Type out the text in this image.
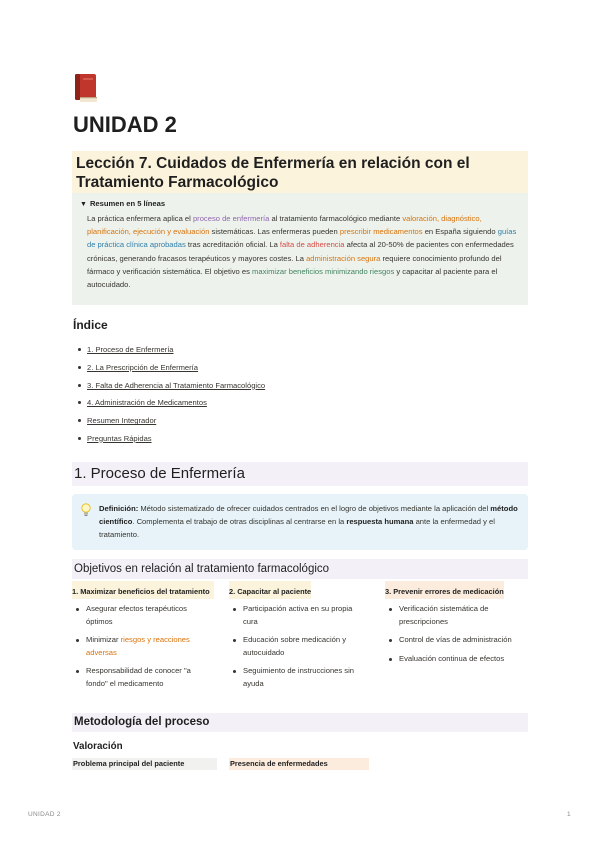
UNIDAD 2
Lección 7. Cuidados de Enfermería en relación con el Tratamiento Farmacológico
▼ Resumen en 5 líneas
La práctica enfermera aplica el proceso de enfermería al tratamiento farmacológico mediante valoración, diagnóstico, planificación, ejecución y evaluación sistemáticas. Las enfermeras pueden prescribir medicamentos en España siguiendo guías de práctica clínica aprobadas tras acreditación oficial. La falta de adherencia afecta al 20-50% de pacientes con enfermedades crónicas, generando fracasos terapéuticos y mayores costes. La administración segura requiere conocimiento profundo del fármaco y verificación sistemática. El objetivo es maximizar beneficios minimizando riesgos y capacitar al paciente para el autocuidado.
Índice
1. Proceso de Enfermería
2. La Prescripción de Enfermería
3. Falta de Adherencia al Tratamiento Farmacológico
4. Administración de Medicamentos
Resumen Integrador
Preguntas Rápidas
1. Proceso de Enfermería
Definición: Método sistematizado de ofrecer cuidados centrados en el logro de objetivos mediante la aplicación del método científico. Complementa el trabajo de otras disciplinas al centrarse en la respuesta humana ante la enfermedad y el tratamiento.
Objetivos en relación al tratamiento farmacológico
1. Maximizar beneficios del tratamiento
Asegurar efectos terapéuticos óptimos
Minimizar riesgos y reacciones adversas
Responsabilidad de conocer "a fondo" el medicamento
2. Capacitar al paciente
Participación activa en su propia cura
Educación sobre medicación y autocuidado
Seguimiento de instrucciones sin ayuda
3. Prevenir errores de medicación
Verificación sistemática de prescripciones
Control de vías de administración
Evaluación continua de efectos
Metodología del proceso
Valoración
Problema principal del paciente	Presencia de enfermedades
UNIDAD 2	1
